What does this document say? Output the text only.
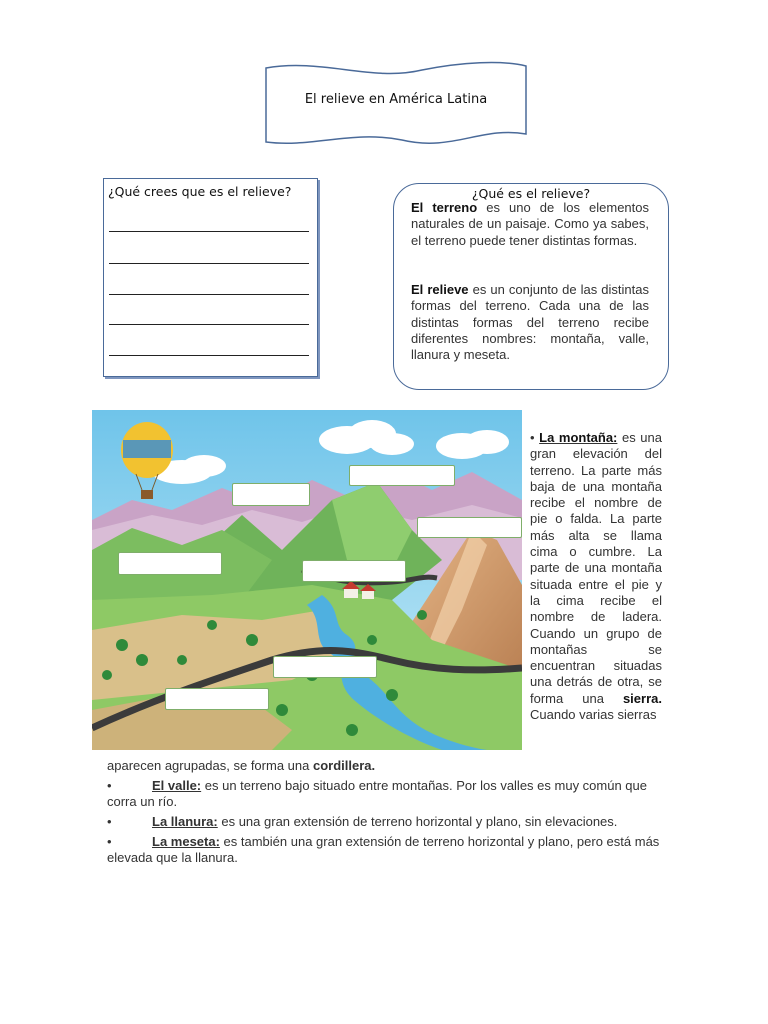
El relieve en América Latina
¿Qué crees que es el relieve?	¿Qué es el relieve?
El terreno es uno de los elementos naturales de un paisaje. Como ya sabes, el terreno puede tener distintas formas.
El relieve es un conjunto de las distintas formas del terreno. Cada una de las distintas formas del terreno recibe diferentes nombres: montaña, valle, llanura y meseta.
• La montaña: es una gran elevación del terreno. La parte más baja de una montaña recibe el nombre de pie o falda. La parte más alta se llama cima o cumbre. La parte de una montaña situada entre el pie y la cima recibe el nombre de ladera. Cuando un grupo de montañas se encuentran situadas una detrás de otra, se forma una sierra. Cuando varias sierras
aparecen agrupadas, se forma una cordillera.
•	El valle: es un terreno bajo situado entre montañas. Por los valles es muy común que corra un río.
•	La llanura: es una gran extensión de terreno horizontal y plano, sin elevaciones.
•	La meseta: es también una gran extensión de terreno horizontal y plano, pero está más elevada que la llanura.
